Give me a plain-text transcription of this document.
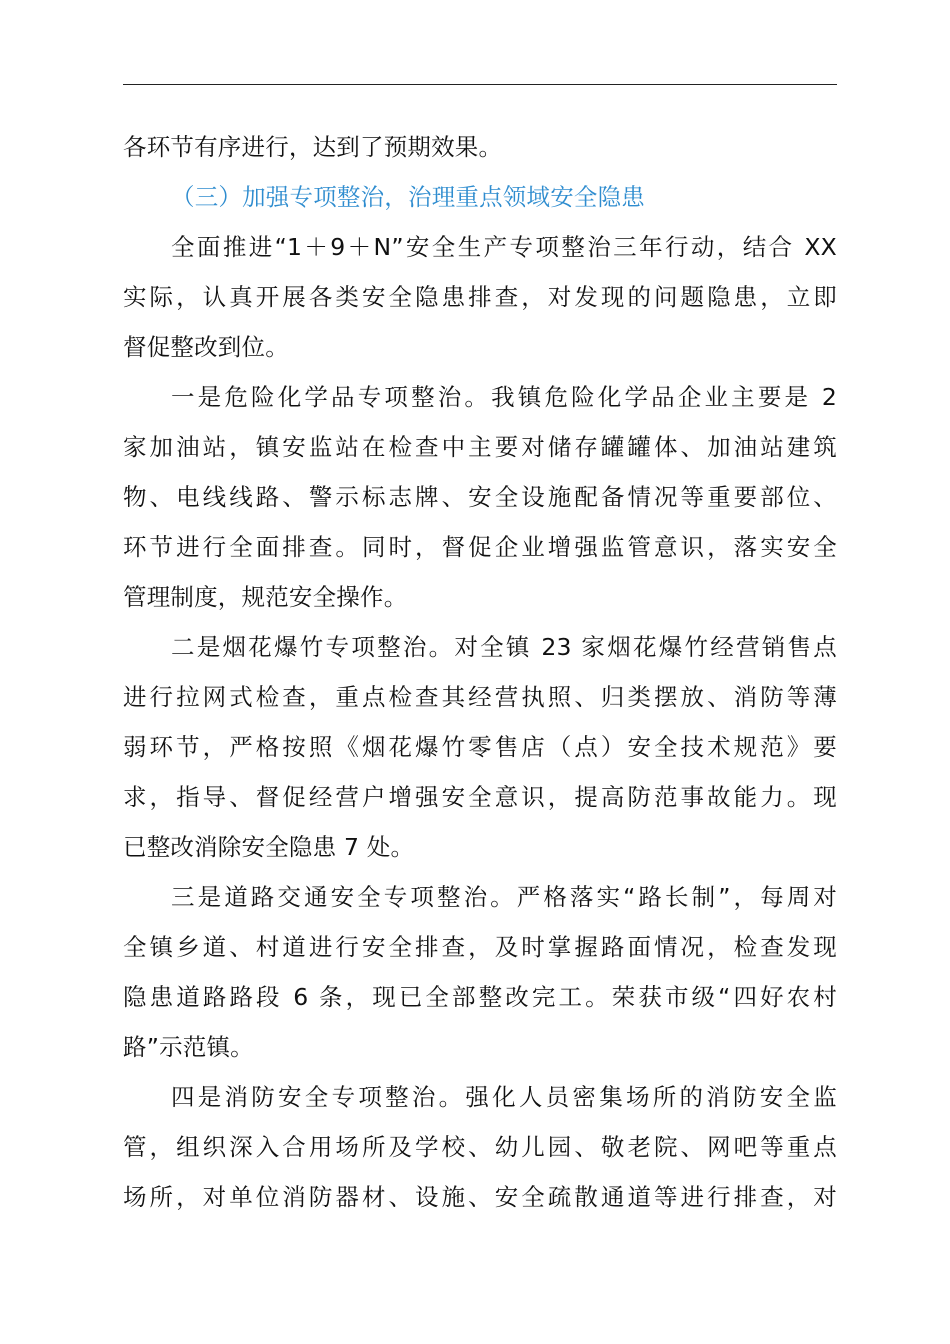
各环节有序进行，达到了预期效果。
（三）加强专项整治，治理重点领域安全隐患
全面推进“1＋9＋N”安全生产专项整治三年行动，结合 XX
实际，认真开展各类安全隐患排查，对发现的问题隐患，立即
督促整改到位。
一是危险化学品专项整治。我镇危险化学品企业主要是 2
家加油站，镇安监站在检查中主要对储存罐罐体、加油站建筑
物、电线线路、警示标志牌、安全设施配备情况等重要部位、
环节进行全面排查。同时，督促企业增强监管意识，落实安全
管理制度，规范安全操作。
二是烟花爆竹专项整治。对全镇 23 家烟花爆竹经营销售点
进行拉网式检查，重点检查其经营执照、归类摆放、消防等薄
弱环节，严格按照《烟花爆竹零售店（点）安全技术规范》要
求，指导、督促经营户增强安全意识，提高防范事故能力。现
已整改消除安全隐患 7 处。
三是道路交通安全专项整治。严格落实“路长制”，每周对
全镇乡道、村道进行安全排查，及时掌握路面情况，检查发现
隐患道路路段 6 条，现已全部整改完工。荣获市级“四好农村
路”示范镇。
四是消防安全专项整治。强化人员密集场所的消防安全监
管，组织深入合用场所及学校、幼儿园、敬老院、网吧等重点
场所，对单位消防器材、设施、安全疏散通道等进行排查，对
